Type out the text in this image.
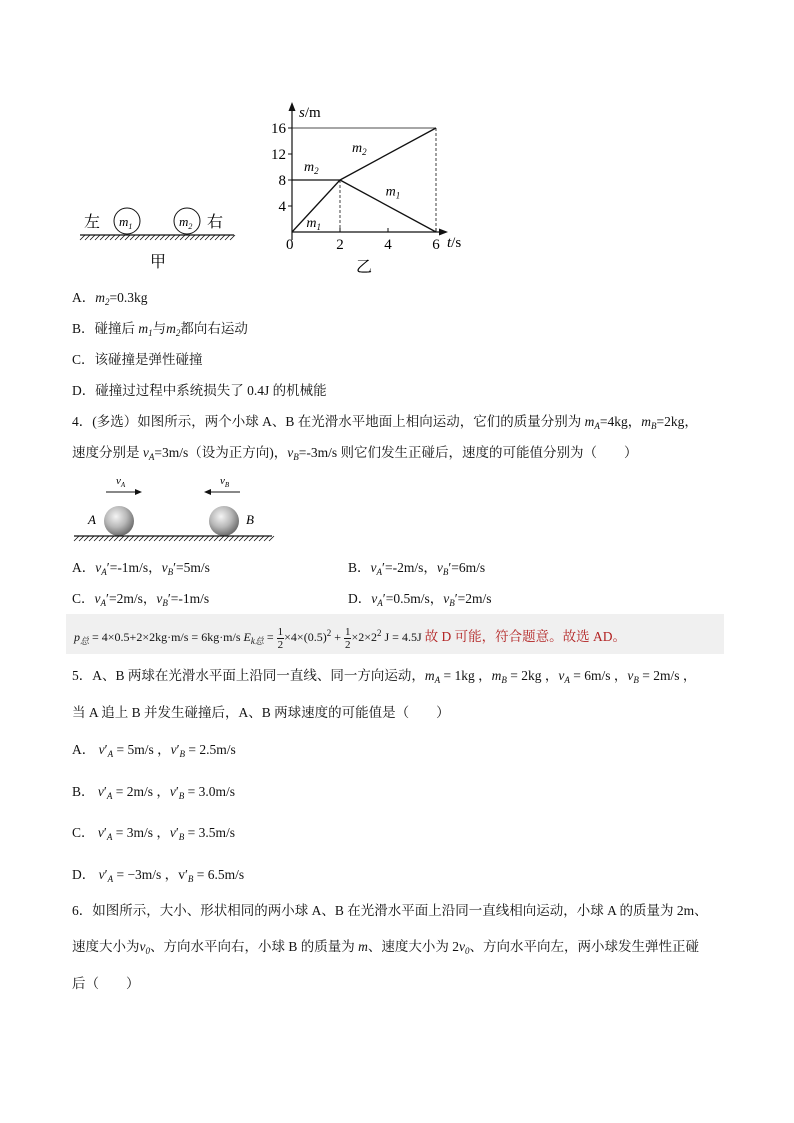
左 $m_1$	$m_2$ 右
甲
s/m
t/s
0
4
8
12
16
2	4	6
$m_2$
$m_2$
$m_1$
$m_1$
乙
A．$m_2=0.3kg$
B．碰撞后 $m_1$与$m_2$都向右运动
C．该碰撞是弹性碰撞
D．碰撞过过程中系统损失了 0.4J 的机械能
4．(多选）如图所示，两个小球 A、B 在光滑水平地面上相向运动，它们的质量分别为 $m_A=4kg$，$m_B=2kg$，
速度分别是 $v_A=3m/s$（设为正方向)，$v_B=-3m/s$ 则它们发生正碰后，速度的可能值分别为（　　）
$v_A$	$v_B$
A	B
A．$v_A'=-1m/s$，$v_B'=5m/s$	B．$v_A'=-2m/s$，$v_B'=6m/s$
C．$v_A'=2m/s$，$v_B'=-1m/s$	D．$v_A'=0.5m/s$，$v_B'=2m/s$
$p_总 = 4\times 0.5+2\times 2kg\cdot m/s = 6kg\cdot m/s$ $E_{k总} = \frac{1}{2} \times 4\times(0.5)^2 + \frac{1}{2} \times 2\times 2^2$ J = 4.5J 故 D 可能，符合题意。故选 AD。
5．A、B 两球在光滑水平面上沿同一直线、同一方向运动，$m_A = 1kg$ ，$m_B = 2kg$ ，$v_A = 6m/s$ ，$v_B = 2m/s$ ，
当 A 追上 B 并发生碰撞后，A、B 两球速度的可能值是（　　）
A． $v'_A = 5m/s$ ，$v'_B = 2.5m/s$
B． $v'_A = 2m/s$ ，$v'_B = 3.0m/s$
C． $v'_A = 3m/s$ ，$v'_B = 3.5m/s$
D． $v'_A = -3m/s$ ，$v'_B = 6.5m/s$
6．如图所示，大小、形状相同的两小球 A、B 在光滑水平面上沿同一直线相向运动，小球 A 的质量为 2m、
速度大小为$v_0$、方向水平向右，小球 B 的质量为 m、速度大小为 $2v_0$、方向水平向左，两小球发生弹性正碰
后（　　）
